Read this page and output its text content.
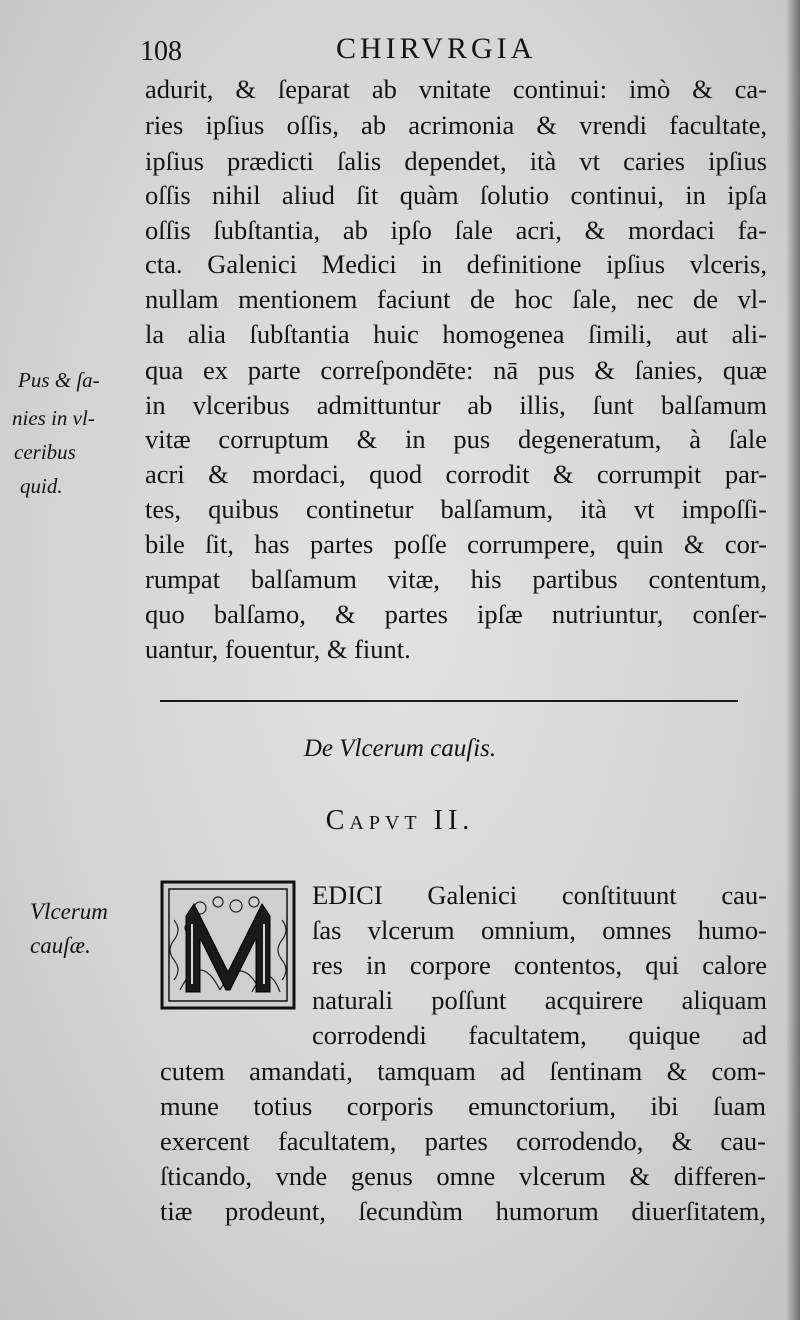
108	CHIRVRGIA
adurit, & ſeparat ab vnitate continui: imò & ca-
ries ipſius oſſis, ab acrimonia & vrendi facultate,
ipſius prædicti ſalis dependet, ità vt caries ipſius
oſſis nihil aliud ſit quàm ſolutio continui, in ipſa
oſſis ſubſtantia, ab ipſo ſale acri, & mordaci fa-
cta. Galenici Medici in definitione ipſius vlceris,
nullam mentionem faciunt de hoc ſale, nec de vl-
la alia ſubſtantia huic homogenea ſimili, aut ali-
qua ex parte correſpondēte: nā pus & ſanies, quæ
in vlceribus admittuntur ab illis, ſunt balſamum
vitæ corruptum & in pus degeneratum, à ſale
acri & mordaci, quod corrodit & corrumpit par-
tes, quibus continetur balſamum, ità vt impoſſi-
bile ſit, has partes poſſe corrumpere, quin & cor-
rumpat balſamum vitæ, his partibus contentum,
quo balſamo, & partes ipſæ nutriuntur, conſer-
uantur, fouentur, & fiunt.
Pus & ſa-
nies in vl-
ceribus
quid.
De Vlcerum cauſis.
Capvt II.
EDICI Galenici conſtituunt cau-
ſas vlcerum omnium, omnes humo-
res in corpore contentos, qui calore
naturali poſſunt acquirere aliquam
corrodendi facultatem, quique ad
cutem amandati, tamquam ad ſentinam & com-
mune totius corporis emunctorium, ibi ſuam
exercent facultatem, partes corrodendo, & cau-
ſticando, vnde genus omne vlcerum & differen-
tiæ prodeunt, ſecundùm humorum diuerſitatem,
Vlcerum
cauſæ.
